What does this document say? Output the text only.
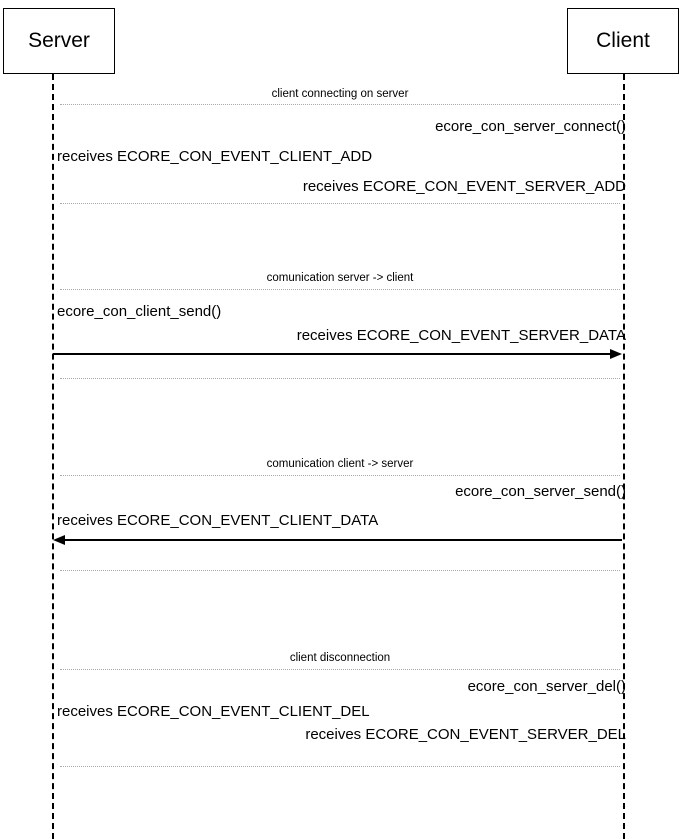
Server	Client
client connecting on server
ecore_con_server_connect()
receives ECORE_CON_EVENT_CLIENT_ADD
receives ECORE_CON_EVENT_SERVER_ADD
comunication server -> client
ecore_con_client_send()
receives ECORE_CON_EVENT_SERVER_DATA
comunication client -> server
ecore_con_server_send()
receives ECORE_CON_EVENT_CLIENT_DATA
client disconnection
ecore_con_server_del()
receives ECORE_CON_EVENT_CLIENT_DEL
receives ECORE_CON_EVENT_SERVER_DEL
